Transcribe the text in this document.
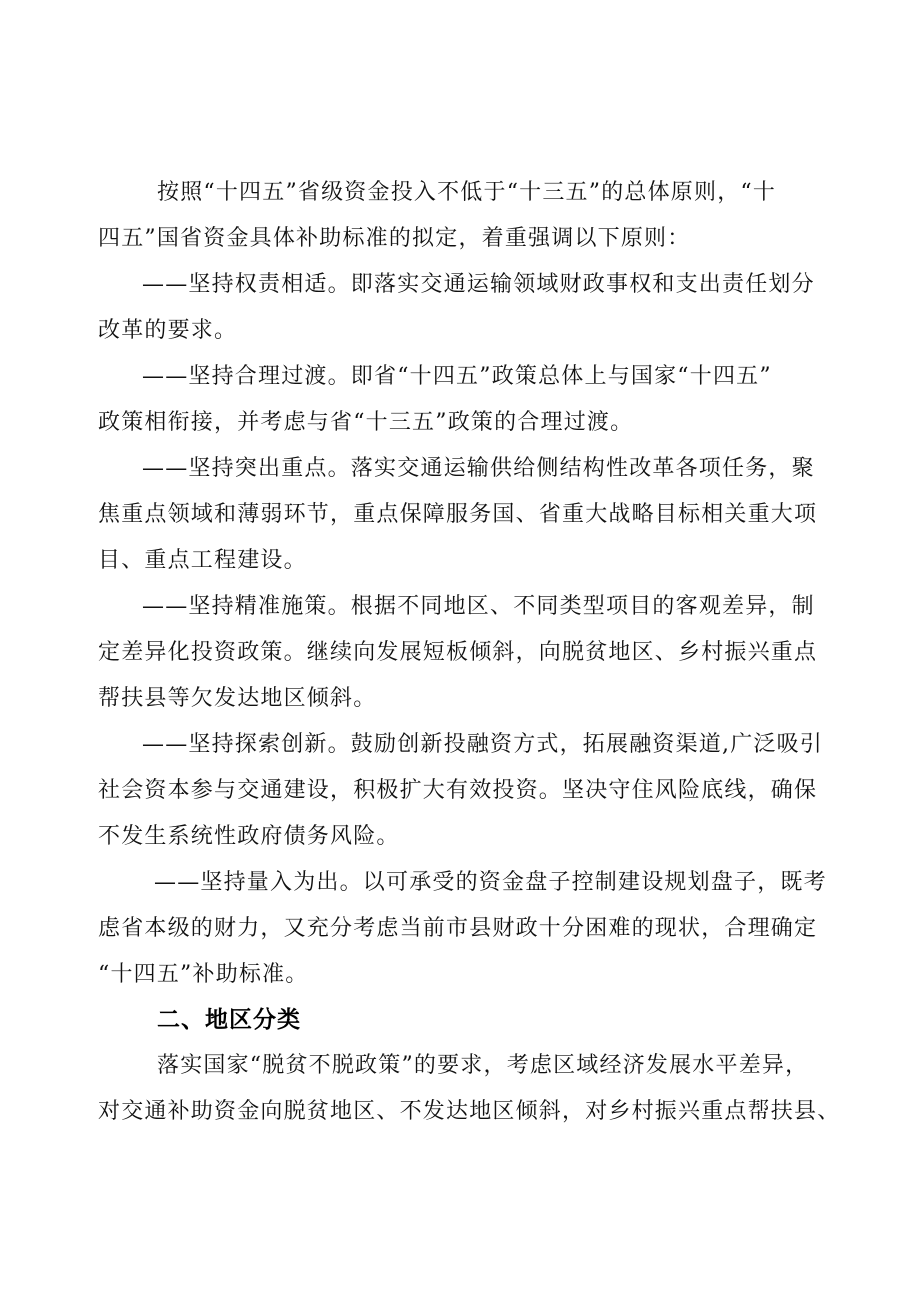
按照“十四五”省级资金投入不低于“十三五”的总体原则，“十
四五”国省资金具体补助标准的拟定，着重强调以下原则：
——坚持权责相适。即落实交通运输领域财政事权和支出责任划分
改革的要求。
——坚持合理过渡。即省“十四五”政策总体上与国家“十四五”
政策相衔接，并考虑与省“十三五”政策的合理过渡。
——坚持突出重点。落实交通运输供给侧结构性改革各项任务，聚
焦重点领域和薄弱环节，重点保障服务国、省重大战略目标相关重大项
目、重点工程建设。
——坚持精准施策。根据不同地区、不同类型项目的客观差异，制
定差异化投资政策。继续向发展短板倾斜，向脱贫地区、乡村振兴重点
帮扶县等欠发达地区倾斜。
——坚持探索创新。鼓励创新投融资方式，拓展融资渠道,广泛吸引
社会资本参与交通建设，积极扩大有效投资。坚决守住风险底线，确保
不发生系统性政府债务风险。
——坚持量入为出。以可承受的资金盘子控制建设规划盘子，既考
虑省本级的财力，又充分考虑当前市县财政十分困难的现状，合理确定
“十四五”补助标准。
二、地区分类
落实国家“脱贫不脱政策”的要求，考虑区域经济发展水平差异，
对交通补助资金向脱贫地区、不发达地区倾斜，对乡村振兴重点帮扶县、
